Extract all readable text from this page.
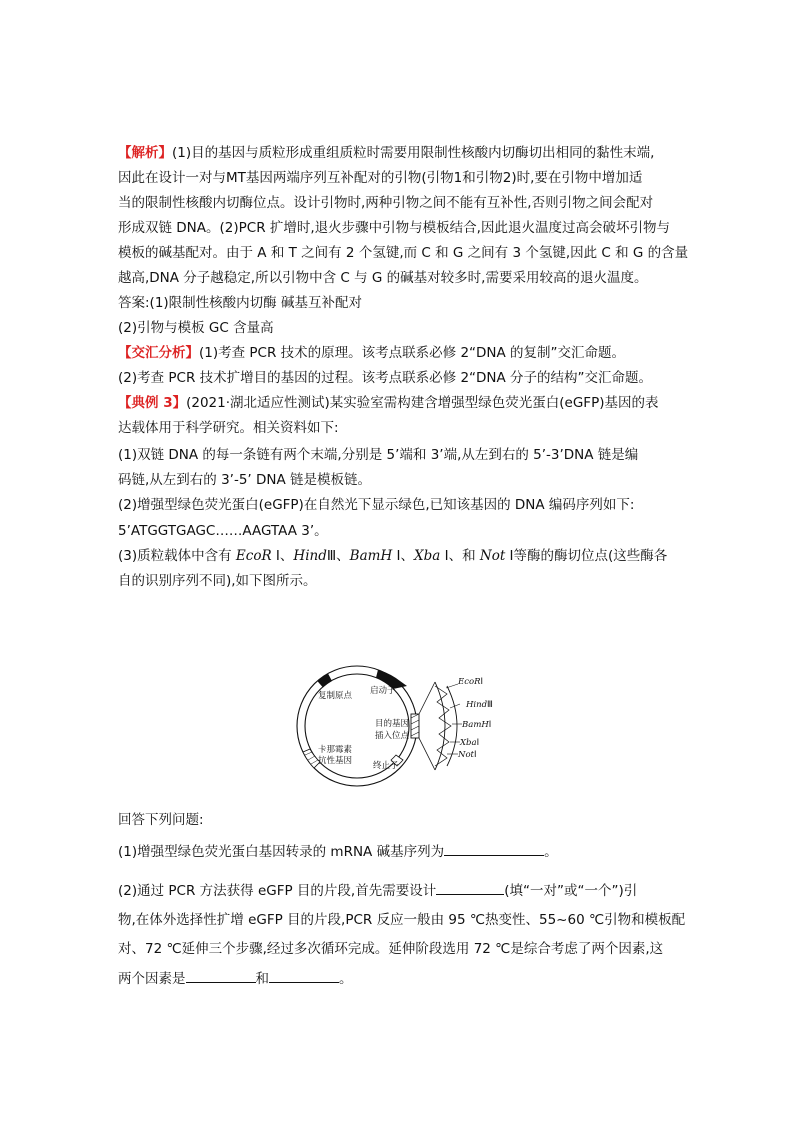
【解析】(1)目的基因与质粒形成重组质粒时需要用限制性核酸内切酶切出相同的黏性末端,
因此在设计一对与MT基因两端序列互补配对的引物(引物1和引物2)时,要在引物中增加适
当的限制性核酸内切酶位点。设计引物时,两种引物之间不能有互补性,否则引物之间会配对
形成双链 DNA。(2)PCR 扩增时,退火步骤中引物与模板结合,因此退火温度过高会破坏引物与
模板的碱基配对。由于 A 和 T 之间有 2 个氢键,而 C 和 G 之间有 3 个氢键,因此 C 和 G 的含量
越高,DNA 分子越稳定,所以引物中含 C 与 G 的碱基对较多时,需要采用较高的退火温度。
答案:(1)限制性核酸内切酶 碱基互补配对
(2)引物与模板 GC 含量高
【交汇分析】(1)考查 PCR 技术的原理。该考点联系必修 2“DNA 的复制”交汇命题。
(2)考查 PCR 技术扩增目的基因的过程。该考点联系必修 2“DNA 分子的结构”交汇命题。
【典例 3】(2021·湖北适应性测试)某实验室需构建含增强型绿色荧光蛋白(eGFP)基因的表
达载体用于科学研究。相关资料如下:
(1)双链 DNA 的每一条链有两个末端,分别是 5’端和 3’端,从左到右的 5’-3’DNA 链是编
码链,从左到右的 3’-5’ DNA 链是模板链。
(2)增强型绿色荧光蛋白(eGFP)在自然光下显示绿色,已知该基因的 DNA 编码序列如下:
5’ATGGTGAGC……AAGTAA 3’。
(3)质粒载体中含有 EcoR Ⅰ、HindⅢ、BamH Ⅰ、Xba Ⅰ、和 Not Ⅰ等酶的酶切位点(这些酶各
自的识别序列不同),如下图所示。
复制原点 启动子
目的基因
插入位点
卡那霉素
抗性基因 终止子
EcoRⅠ
HindⅢ
BamHⅠ
XbaⅠ
NotⅠ
回答下列问题:
(1)增强型绿色荧光蛋白基因转录的 mRNA 碱基序列为	。
(2)通过 PCR 方法获得 eGFP 目的片段,首先需要设计	(填“一对”或“一个”)引
物,在体外选择性扩增 eGFP 目的片段,PCR 反应一般由 95 ℃热变性、55~60 ℃引物和模板配
对、72 ℃延伸三个步骤,经过多次循环完成。延伸阶段选用 72 ℃是综合考虑了两个因素,这
两个因素是	和	。
